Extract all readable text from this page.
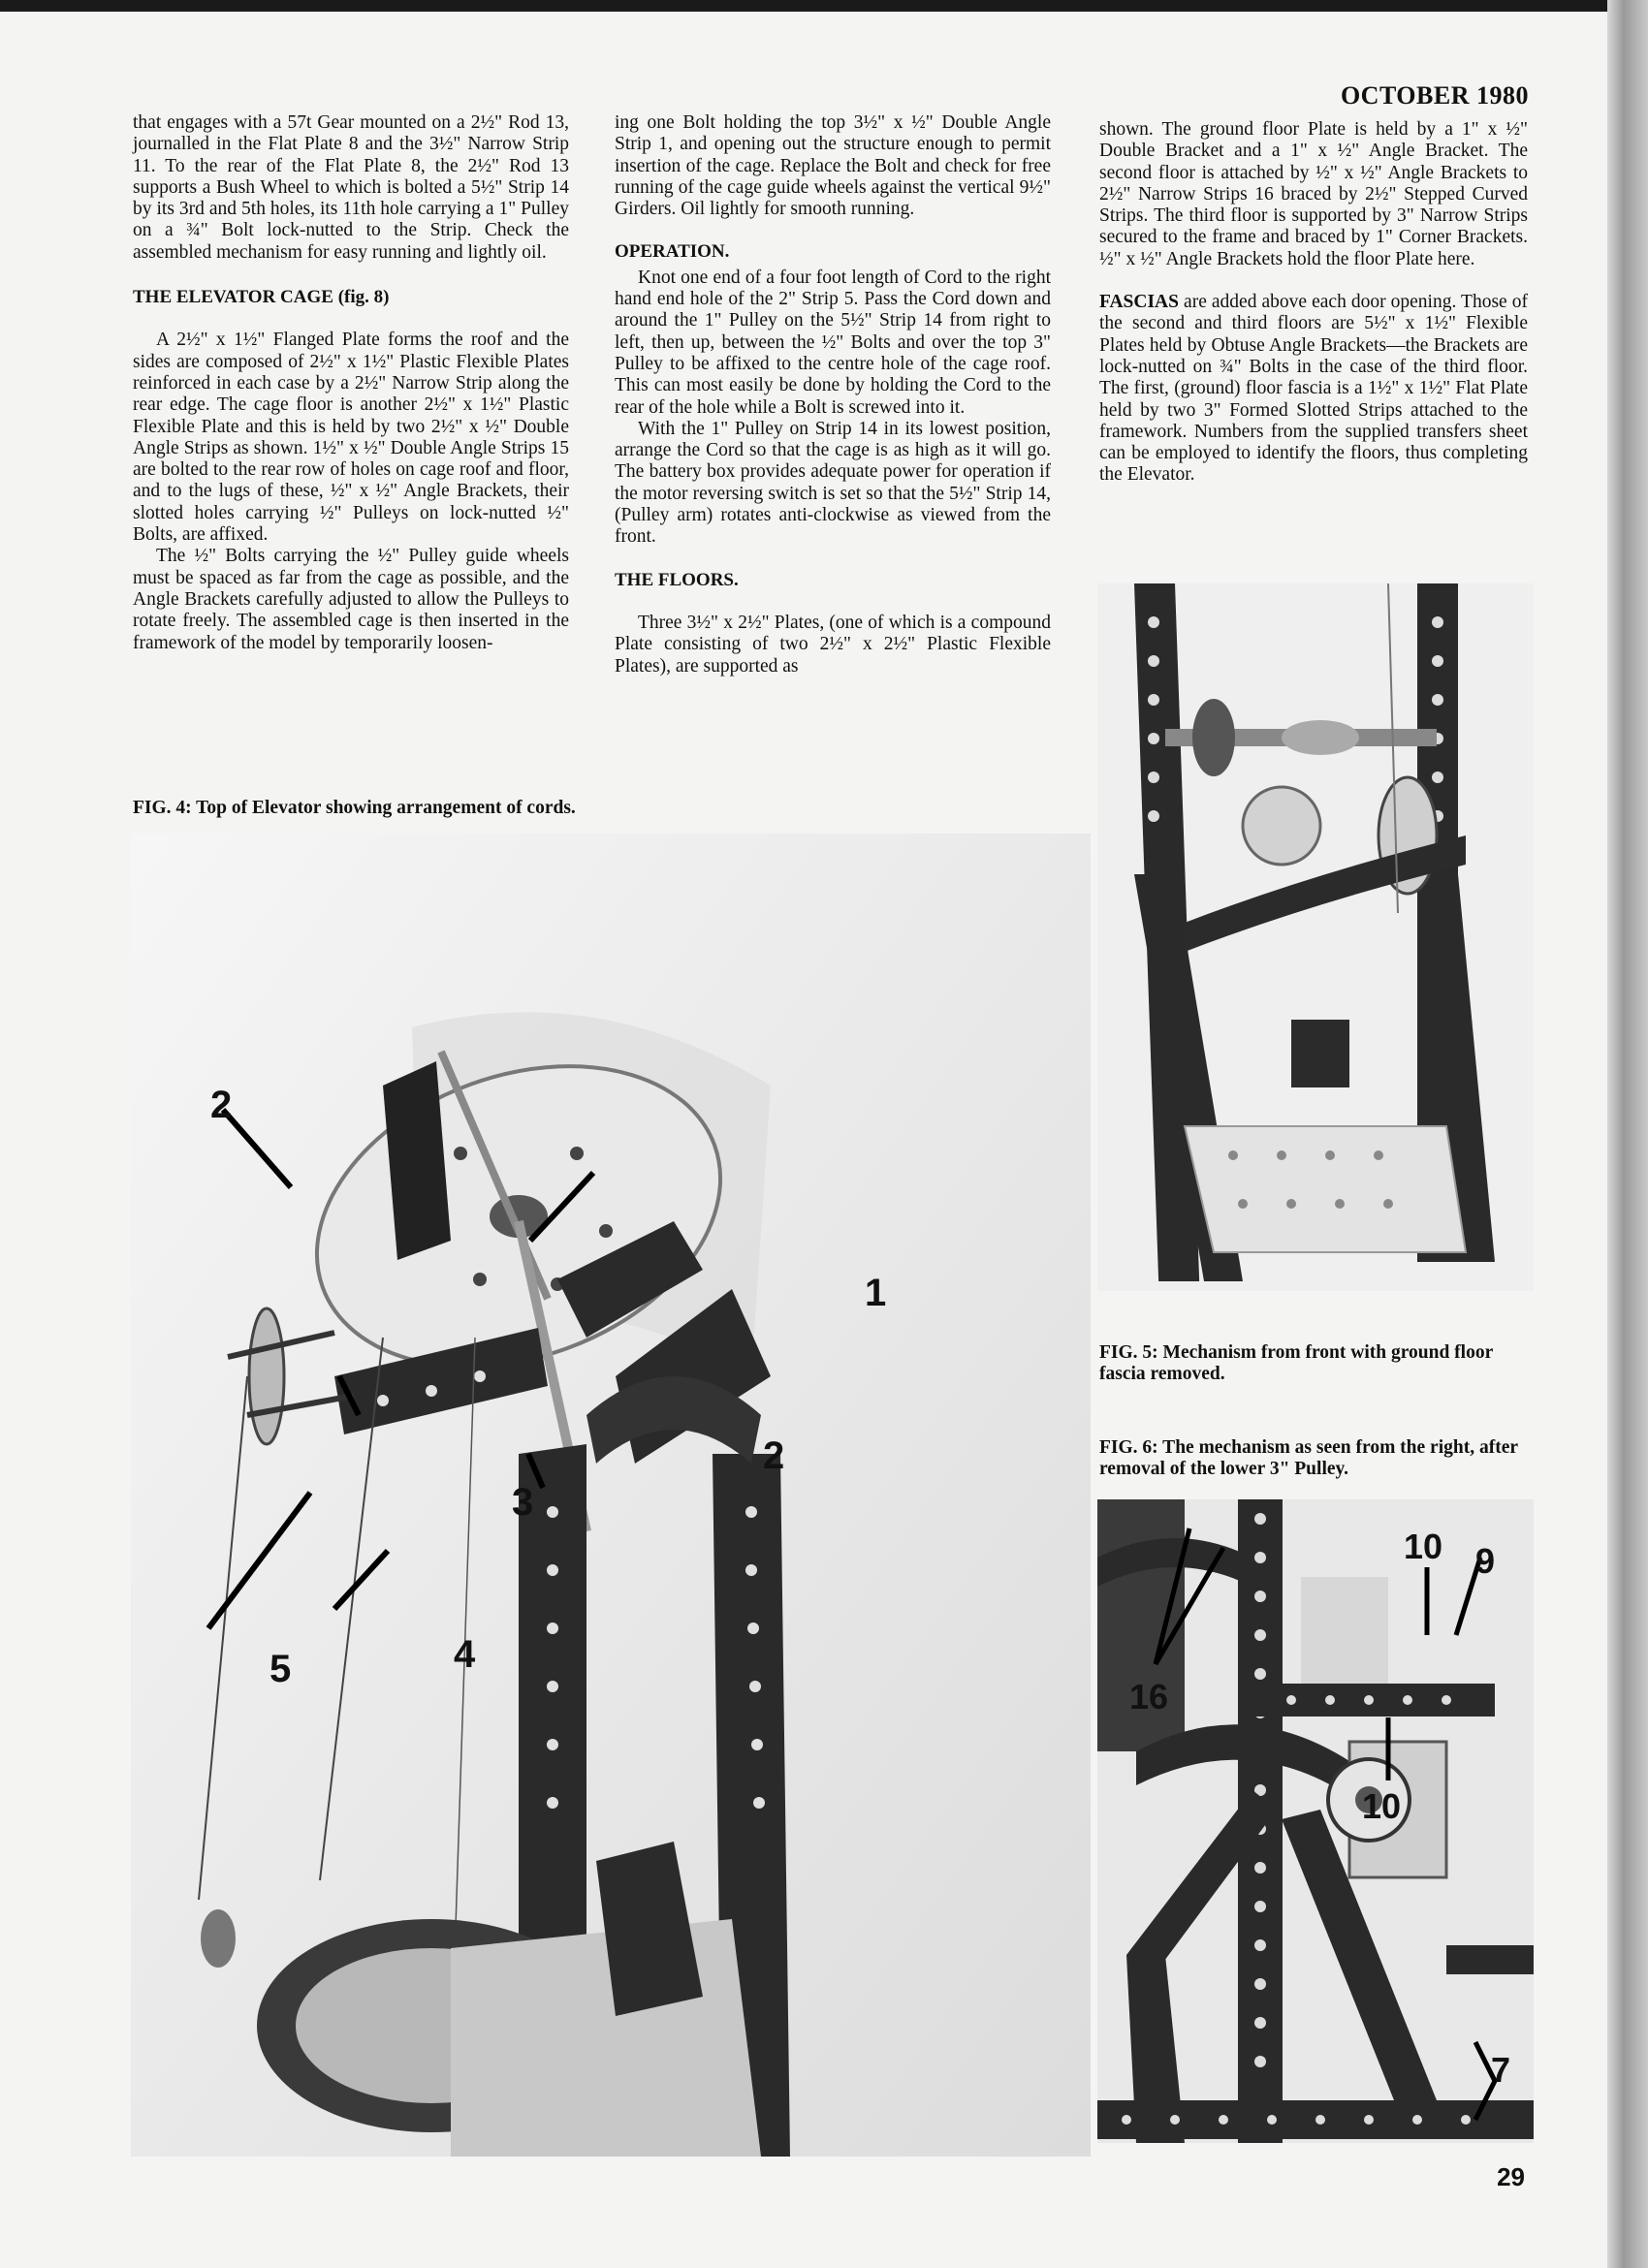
OCTOBER 1980

that engages with a 57t Gear mounted on a 2½" Rod 13, journalled in the Flat Plate 8 and the 3½" Narrow Strip 11. To the rear of the Flat Plate 8, the 2½" Rod 13 supports a Bush Wheel to which is bolted a 5½" Strip 14 by its 3rd and 5th holes, its 11th hole carrying a 1" Pulley on a ¾" Bolt lock-nutted to the Strip. Check the assembled mechanism for easy running and lightly oil.

THE ELEVATOR CAGE (fig. 8)

A 2½" x 1½" Flanged Plate forms the roof and the sides are composed of 2½" x 1½" Plastic Flexible Plates reinforced in each case by a 2½" Narrow Strip along the rear edge. The cage floor is another 2½" x 1½" Plastic Flexible Plate and this is held by two 2½" x ½" Double Angle Strips as shown. 1½" x ½" Double Angle Strips 15 are bolted to the rear row of holes on cage roof and floor, and to the lugs of these, ½" x ½" Angle Brackets, their slotted holes carrying ½" Pulleys on lock-nutted ½" Bolts, are affixed.

The ½" Bolts carrying the ½" Pulley guide wheels must be spaced as far from the cage as possible, and the Angle Brackets carefully adjusted to allow the Pulleys to rotate freely. The assembled cage is then inserted in the framework of the model by temporarily loosen-

ing one Bolt holding the top 3½" x ½" Double Angle Strip 1, and opening out the structure enough to permit insertion of the cage. Replace the Bolt and check for free running of the cage guide wheels against the vertical 9½" Girders. Oil lightly for smooth running.

OPERATION.

Knot one end of a four foot length of Cord to the right hand end hole of the 2" Strip 5. Pass the Cord down and around the 1" Pulley on the 5½" Strip 14 from right to left, then up, between the ½" Bolts and over the top 3" Pulley to be affixed to the centre hole of the cage roof. This can most easily be done by holding the Cord to the rear of the hole while a Bolt is screwed into it.

With the 1" Pulley on Strip 14 in its lowest position, arrange the Cord so that the cage is as high as it will go. The battery box provides adequate power for operation if the motor reversing switch is set so that the 5½" Strip 14, (Pulley arm) rotates anti-clockwise as viewed from the front.

THE FLOORS.

Three 3½" x 2½" Plates, (one of which is a compound Plate consisting of two 2½" x 2½" Plastic Flexible Plates), are supported as

shown. The ground floor Plate is held by a 1" x ½" Double Bracket and a 1" x ½" Angle Bracket. The second floor is attached by ½" x ½" Angle Brackets to 2½" Narrow Strips 16 braced by 2½" Stepped Curved Strips. The third floor is supported by 3" Narrow Strips secured to the frame and braced by 1" Corner Brackets. ½" x ½" Angle Brackets hold the floor Plate here.

FASCIAS are added above each door opening. Those of the second and third floors are 5½" x 1½" Flexible Plates held by Obtuse Angle Brackets—the Brackets are lock-nutted on ¾" Bolts in the case of the third floor. The first, (ground) floor fascia is a 1½" x 1½" Flat Plate held by two 3" Formed Slotted Strips attached to the framework. Numbers from the supplied transfers sheet can be employed to identify the floors, thus completing the Elevator.

FIG. 4: Top of Elevator showing arrangement of cords.
2
1
3
2
5	4
FIG. 5: Mechanism from front with ground floor fascia removed.
FIG. 6: The mechanism as seen from the right, after removal of the lower 3" Pulley.
10 9
16
10
7
29
